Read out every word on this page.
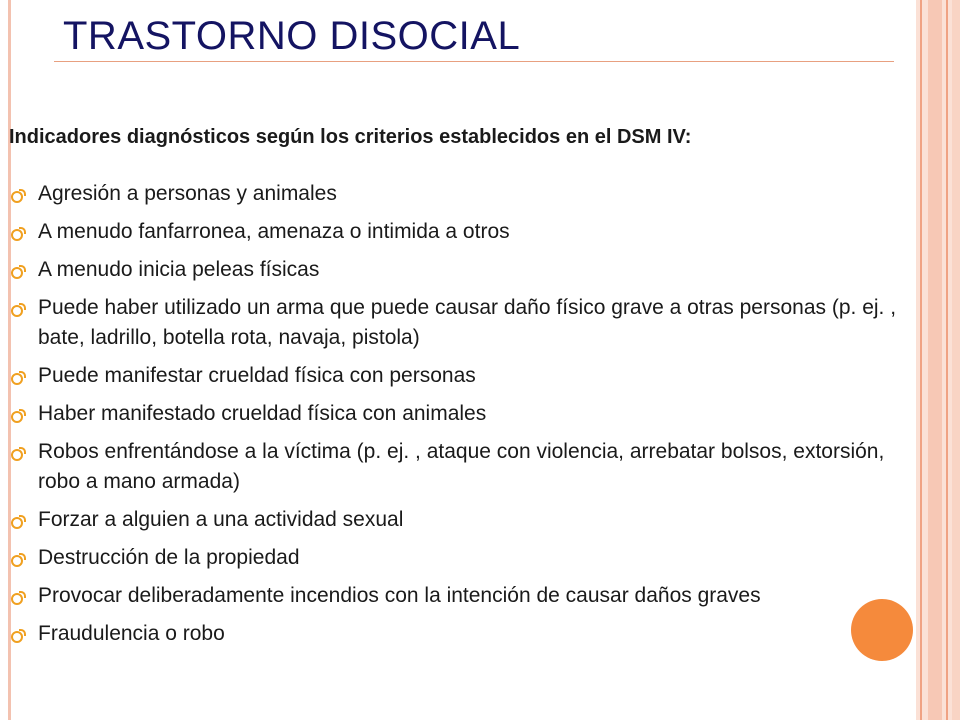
TRASTORNO DISOCIAL

Indicadores diagnósticos según los criterios establecidos en el DSM IV:

Agresión a personas y animales
A menudo fanfarronea, amenaza o intimida a otros
A menudo inicia peleas físicas
Puede haber utilizado un arma que puede causar daño físico grave a otras personas (p. ej. , bate, ladrillo, botella rota, navaja, pistola)
Puede manifestar crueldad física con personas
Haber manifestado crueldad física con animales
Robos enfrentándose a la víctima (p. ej. , ataque con violencia, arrebatar bolsos, extorsión, robo a mano armada)
Forzar a alguien a una actividad sexual
Destrucción de la propiedad
Provocar deliberadamente incendios con la intención de causar daños graves
Fraudulencia o robo
